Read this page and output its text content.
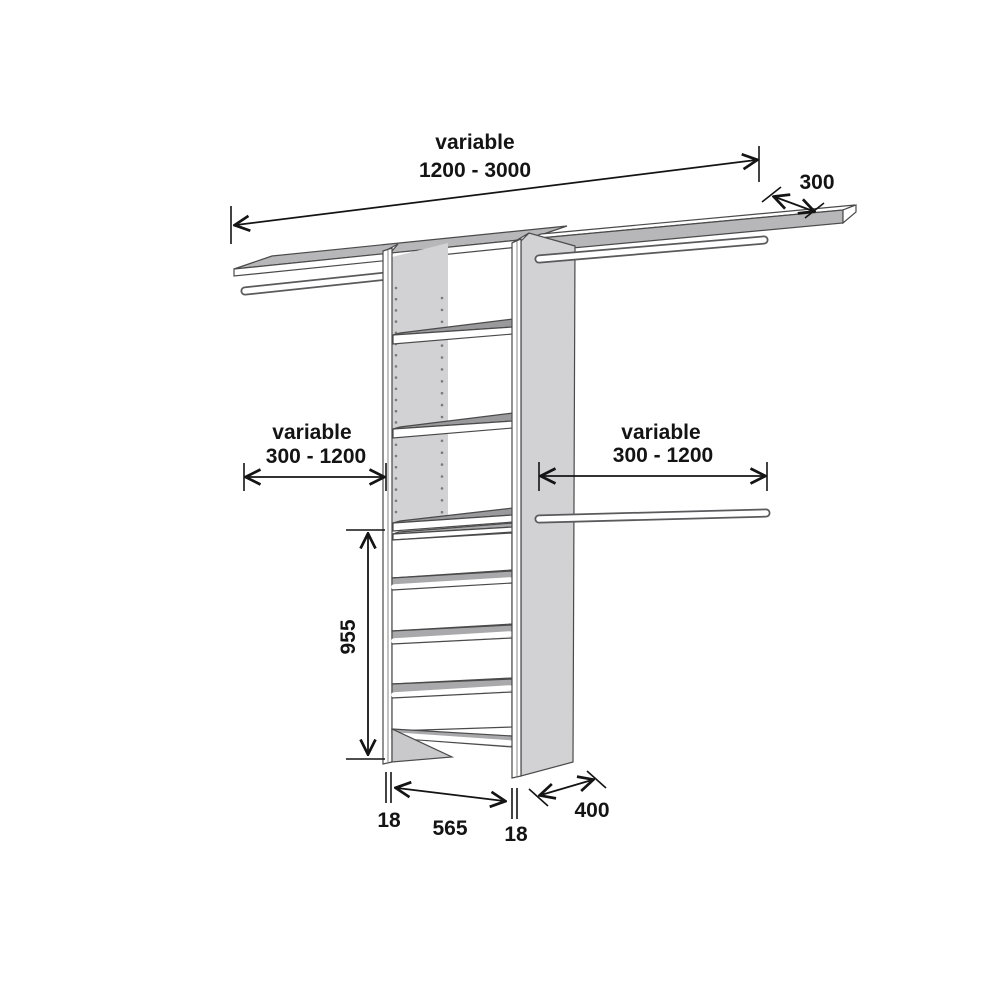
variable
1200 - 3000
300
variable
300 - 1200
variable
300 - 1200
955
18 565 18
400
